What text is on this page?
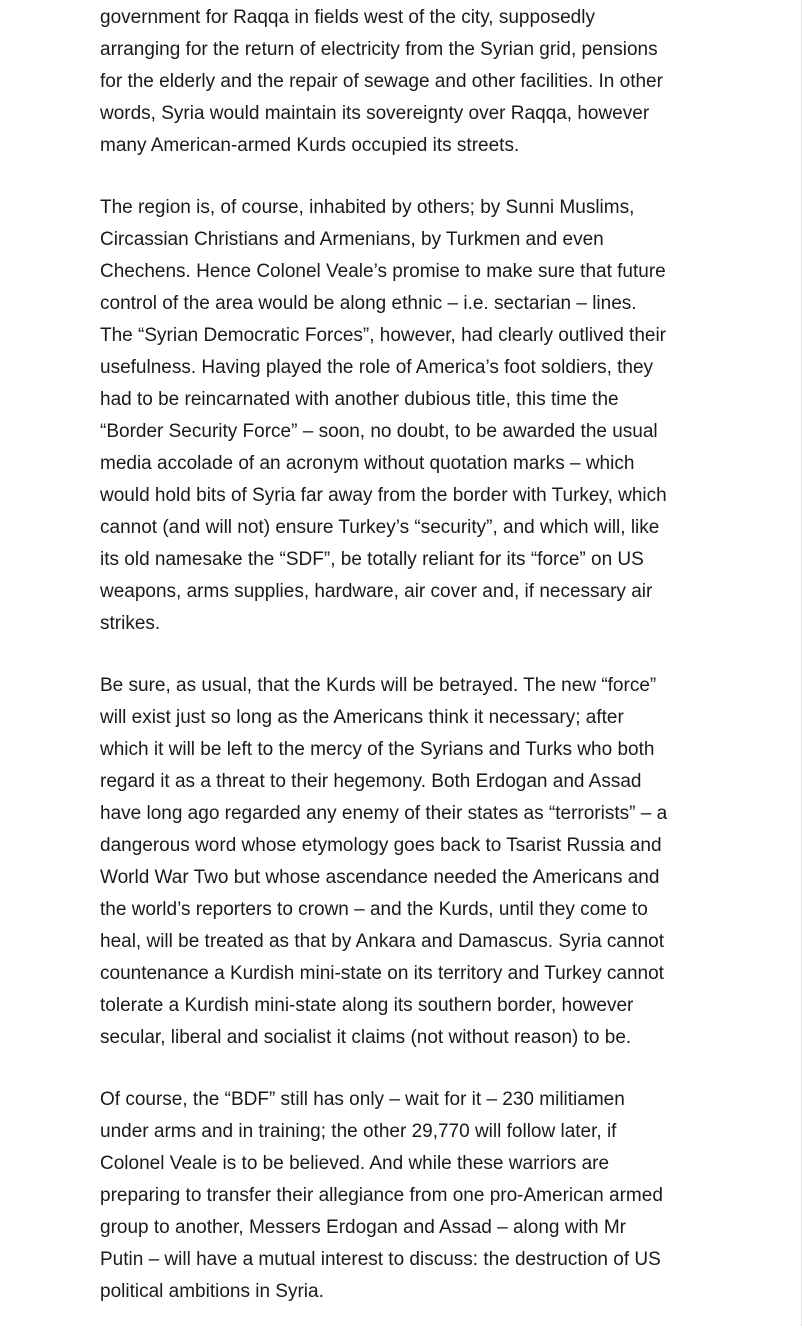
government for Raqqa in fields west of the city, supposedly
arranging for the return of electricity from the Syrian grid, pensions
for the elderly and the repair of sewage and other facilities. In other
words, Syria would maintain its sovereignty over Raqqa, however
many American-armed Kurds occupied its streets.

The region is, of course, inhabited by others; by Sunni Muslims,
Circassian Christians and Armenians, by Turkmen and even
Chechens. Hence Colonel Veale’s promise to make sure that future
control of the area would be along ethnic – i.e. sectarian – lines.
The “Syrian Democratic Forces”, however, had clearly outlived their
usefulness. Having played the role of America’s foot soldiers, they
had to be reincarnated with another dubious title, this time the
“Border Security Force” – soon, no doubt, to be awarded the usual
media accolade of an acronym without quotation marks – which
would hold bits of Syria far away from the border with Turkey, which
cannot (and will not) ensure Turkey’s “security”, and which will, like
its old namesake the “SDF”, be totally reliant for its “force” on US
weapons, arms supplies, hardware, air cover and, if necessary air
strikes.

Be sure, as usual, that the Kurds will be betrayed. The new “force”
will exist just so long as the Americans think it necessary; after
which it will be left to the mercy of the Syrians and Turks who both
regard it as a threat to their hegemony. Both Erdogan and Assad
have long ago regarded any enemy of their states as “terrorists” – a
dangerous word whose etymology goes back to Tsarist Russia and
World War Two but whose ascendance needed the Americans and
the world’s reporters to crown – and the Kurds, until they come to
heal, will be treated as that by Ankara and Damascus. Syria cannot
countenance a Kurdish mini-state on its territory and Turkey cannot
tolerate a Kurdish mini-state along its southern border, however
secular, liberal and socialist it claims (not without reason) to be.

Of course, the “BDF” still has only – wait for it – 230 militiamen
under arms and in training; the other 29,770 will follow later, if
Colonel Veale is to be believed. And while these warriors are
preparing to transfer their allegiance from one pro-American armed
group to another, Messers Erdogan and Assad – along with Mr
Putin – will have a mutual interest to discuss: the destruction of US
political ambitions in Syria.
